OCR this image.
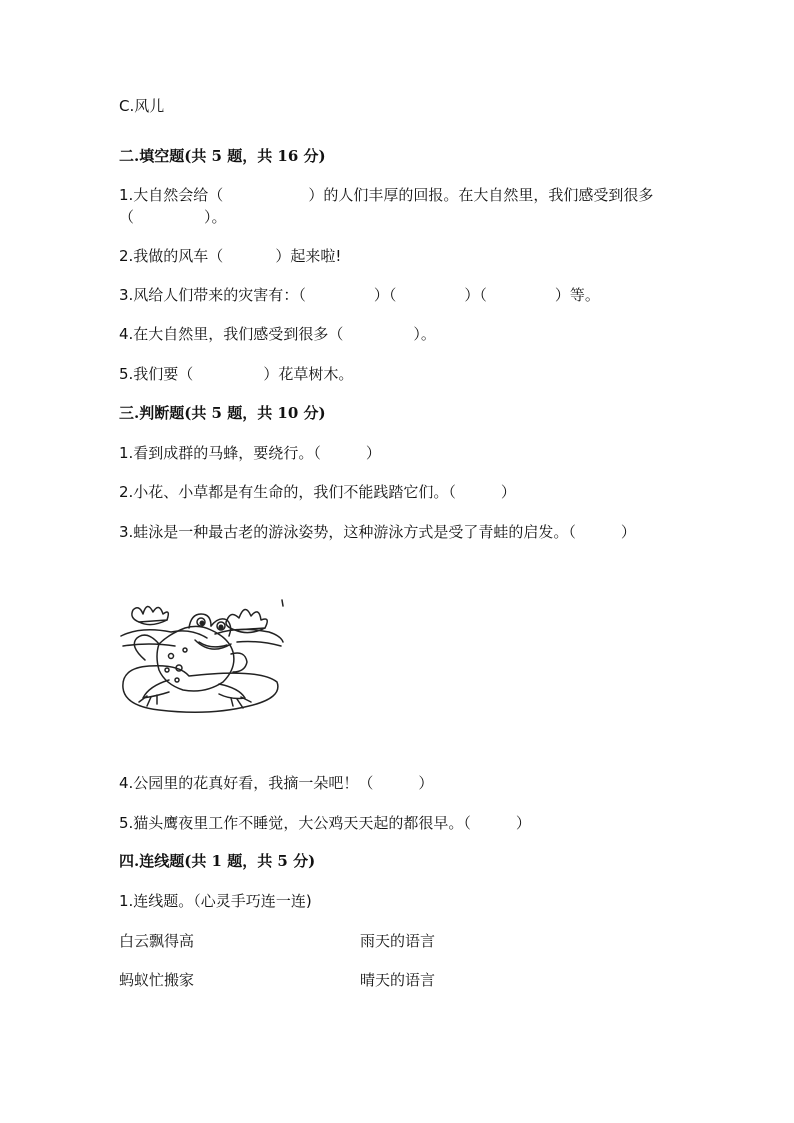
C.风儿
二.填空题(共 5 题，共 16 分)
1.大自然会给（	）的人们丰厚的回报。在大自然里，我们感受到很多
（	）。
2.我做的风车（	）起来啦!
3.风给人们带来的灾害有：（	）（	）（	）等。
4.在大自然里，我们感受到很多（	）。
5.我们要（	）花草树木。
三.判断题(共 5 题，共 10 分)
1.看到成群的马蜂，要绕行。（　　　）
2.小花、小草都是有生命的，我们不能践踏它们。（　　　）
3.蛙泳是一种最古老的游泳姿势，这种游泳方式是受了青蛙的启发。（　　　）
4.公园里的花真好看，我摘一朵吧！（　　　）
5.猫头鹰夜里工作不睡觉，大公鸡天天起的都很早。（　　　）
四.连线题(共 1 题，共 5 分)
1.连线题。（心灵手巧连一连)
白云飘得高	雨天的语言
蚂蚁忙搬家	晴天的语言
